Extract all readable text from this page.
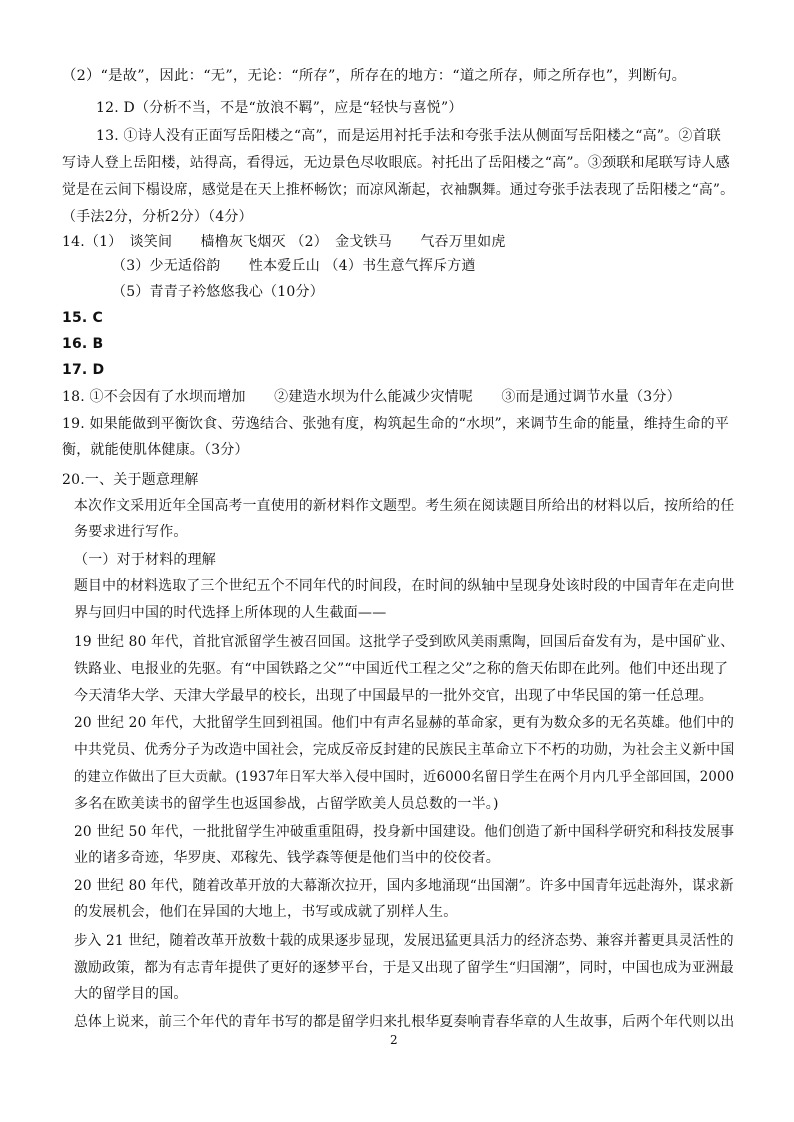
（2）“是故”，因此：“无”，无论：“所存”，所存在的地方：“道之所存，师之所存也”，判断句。

12. D（分析不当，不是“放浪不羁”，应是“轻快与喜悦”）

13. ①诗人没有正面写岳阳楼之“高”，而是运用衬托手法和夸张手法从侧面写岳阳楼之“高”。②首联

写诗人登上岳阳楼，站得高，看得远，无边景色尽收眼底。衬托出了岳阳楼之“高”。③颈联和尾联写诗人感

觉是在云间下榻设席，感觉是在天上推杯畅饮；而凉风渐起，衣袖飘舞。通过夸张手法表现了岳阳楼之“高”。

（手法2分，分析2分）（4分）

14.（1）　谈笑间　　樯橹灰飞烟灭 （2）　金戈铁马　　气吞万里如虎

（3）少无适俗韵　　性本爱丘山 （4）书生意气挥斥方遒

（5）青青子衿悠悠我心（10分）

15. C

16. B

17. D

18. ①不会因有了水坝而增加　　②建造水坝为什么能减少灾情呢　　③而是通过调节水量（3分）

19. 如果能做到平衡饮食、劳逸结合、张弛有度，构筑起生命的“水坝”，来调节生命的能量，维持生命的平

衡，就能使肌体健康。（3分）

20.一、关于题意理解

本次作文采用近年全国高考一直使用的新材料作文题型。考生须在阅读题目所给出的材料以后，按所给的任

务要求进行写作。

（一）对于材料的理解

题目中的材料选取了三个世纪五个不同年代的时间段，在时间的纵轴中呈现身处该时段的中国青年在走向世

界与回归中国的时代选择上所体现的人生截面——

19 世纪 80 年代，首批官派留学生被召回国。这批学子受到欧风美雨熏陶，回国后奋发有为，是中国矿业、

铁路业、电报业的先驱。有“中国铁路之父”“中国近代工程之父”之称的詹天佑即在此列。他们中还出现了

今天清华大学、天津大学最早的校长，出现了中国最早的一批外交官，出现了中华民国的第一任总理。

20 世纪 20 年代，大批留学生回到祖国。他们中有声名显赫的革命家，更有为数众多的无名英雄。他们中的

中共党员、优秀分子为改造中国社会，完成反帝反封建的民族民主革命立下不朽的功勋，为社会主义新中国

的建立作做出了巨大贡献。(1937年日军大举入侵中国时，近6000名留日学生在两个月内几乎全部回国，2000

多名在欧美读书的留学生也返国参战，占留学欧美人员总数的一半。)

20 世纪 50 年代，一批批留学生冲破重重阻碍，投身新中国建设。他们创造了新中国科学研究和科技发展事

业的诸多奇迹，华罗庚、邓稼先、钱学森等便是他们当中的佼佼者。

20 世纪 80 年代，随着改革开放的大幕渐次拉开，国内多地涌现“出国潮”。许多中国青年远赴海外，谋求新

的发展机会，他们在异国的大地上，书写或成就了别样人生。

步入 21 世纪，随着改革开放数十载的成果逐步显现，发展迅猛更具活力的经济态势、兼容并蓄更具灵活性的

激励政策，都为有志青年提供了更好的逐梦平台，于是又出现了留学生“归国潮”，同时，中国也成为亚洲最

大的留学目的国。

总体上说来，前三个年代的青年书写的都是留学归来扎根华夏奏响青春华章的人生故事，后两个年代则以出

2
